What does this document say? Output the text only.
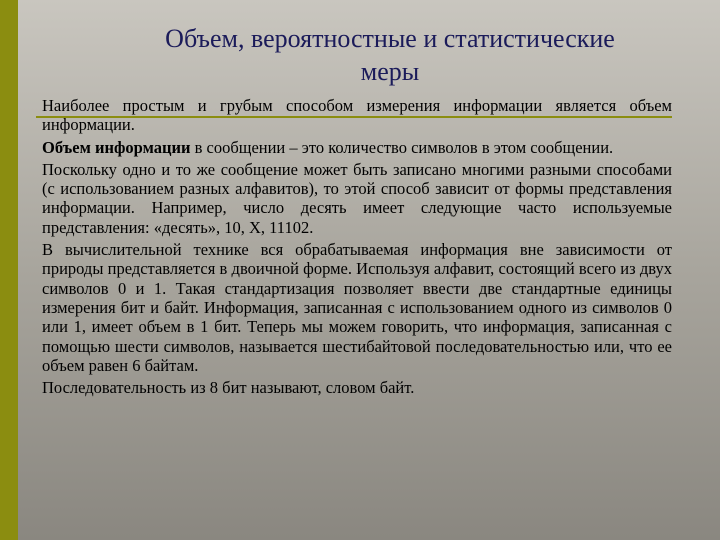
Объем, вероятностные и статистические
меры

Наиболее простым и грубым способом измерения информации является объем информации.

Объем информации в сообщении – это количество символов в этом сообщении.

Поскольку одно и то же сообщение может быть записано многими разными способами (с использованием разных алфавитов), то этой способ зависит от формы представления информации. Например, число десять имеет следующие часто используемые представления: «десять», 10, X, 11102.

В вычислительной технике вся обрабатываемая информация вне зависимости от природы представляется в двоичной форме. Используя алфавит, состоящий всего из двух символов 0 и 1. Такая стандартизация позволяет ввести две стандартные единицы измерения бит и байт. Информация, записанная с использованием одного из символов 0 или 1, имеет объем в 1 бит. Теперь мы можем говорить, что информация, записанная с помощью шести символов, называется шестибайтовой последовательностью или, что ее объем равен 6 байтам.

Последовательность из 8 бит называют, словом байт.
